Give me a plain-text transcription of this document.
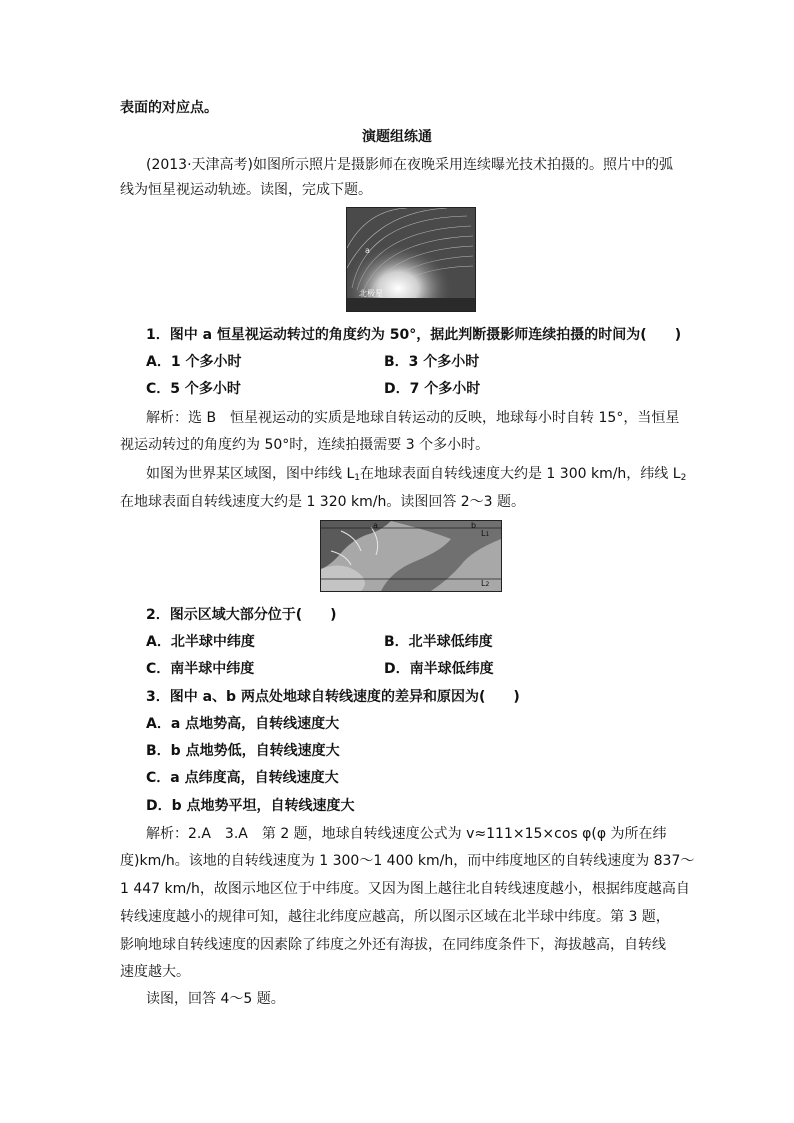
表面的对应点。
演题组练通
(2013·天津高考)如图所示照片是摄影师在夜晚采用连续曝光技术拍摄的。照片中的弧
线为恒星视运动轨迹。读图，完成下题。
a
北极星
1．图中 a 恒星视运动转过的角度约为 50°，据此判断摄影师连续拍摄的时间为(　　)
A．1 个多小时	B．3 个多小时
C．5 个多小时	D．7 个多小时
解析：选 B　恒星视运动的实质是地球自转运动的反映，地球每小时自转 15°，当恒星
视运动转过的角度约为 50°时，连续拍摄需要 3 个多小时。
如图为世界某区域图，图中纬线 $L_1$在地球表面自转线速度大约是 1 300 km/h，纬线 $L_2$
在地球表面自转线速度大约是 1 320 km/h。读图回答 2～3 题。
a	b
L1
L2
2．图示区域大部分位于(　　)
A．北半球中纬度	B．北半球低纬度
C．南半球中纬度	D．南半球低纬度
3．图中 a、b 两点处地球自转线速度的差异和原因为(　　)
A．a 点地势高，自转线速度大
B．b 点地势低，自转线速度大
C．a 点纬度高，自转线速度大
D．b 点地势平坦，自转线速度大
解析：2.A　3.A　第 2 题，地球自转线速度公式为 v≈111×15×cos φ(φ 为所在纬
度)km/h。该地的自转线速度为 1 300～1 400 km/h，而中纬度地区的自转线速度为 837～
1 447 km/h，故图示地区位于中纬度。又因为图上越往北自转线速度越小，根据纬度越高自
转线速度越小的规律可知，越往北纬度应越高，所以图示区域在北半球中纬度。第 3 题，
影响地球自转线速度的因素除了纬度之外还有海拔，在同纬度条件下，海拔越高，自转线
速度越大。
读图，回答 4～5 题。
